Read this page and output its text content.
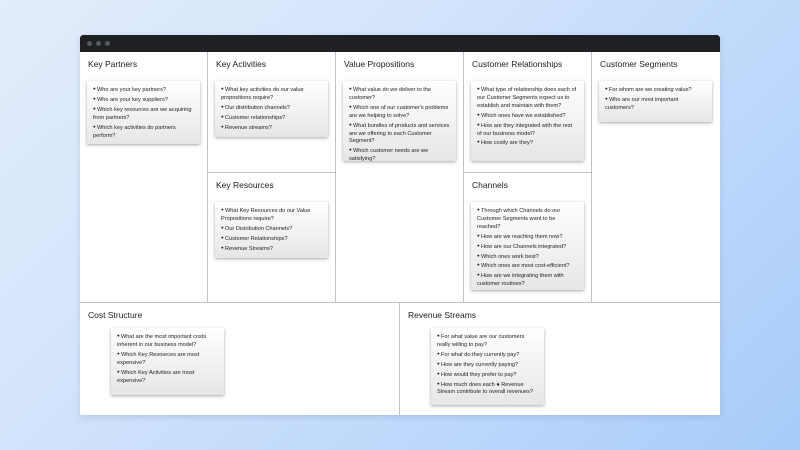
Key Partners
● Who are your key partners?
● Who are your key suppliers?
● Which key resources are we acquiring from partners?
● Which key activities do partners perform?
Key Activities
● What key activities do our value propositions require?
● Our distribution channels?
● Customer relationships?
● Revenue streams?
Key Resources
● What Key Resources do our Value Propositions require?
● Our Distribution Channels?
● Customer Relationships?
● Revenue Streams?
Value Propositions
● What value do we deliver to the customer?
● Which one of our customer's problems are we helping to solve?
● What bundles of products and services are we offering to each Customer Segment?
● Which customer needs are we satisfying?
Customer Relationships
● What type of relationship does each of our Customer Segments expect us to establish and maintain with them?
● Which ones have we established?
● How are they integrated with the rest of our business model?
● How costly are they?
Channels
● Through which Channels do our Customer Segments want to be reached?
● How are we reaching them now?
● How are our Channels integrated?
● Which ones work best?
● Which ones are most cost-efficient?
● How are we integrating them with customer routines?
Customer Segments
● For whom are we creating value?
● Who are our most important customers?
Cost Structure
● What are the most important costs inherent in our business model?
● Which Key Resources are most expensive?
● Which Key Activities are most expensive?
Revenue Streams
● For what value are our customers really willing to pay?
● For what do they currently pay?
● How are they currently paying?
● How would they prefer to pay?
● How much does each ● Revenue Stream contribute to overall revenues?
